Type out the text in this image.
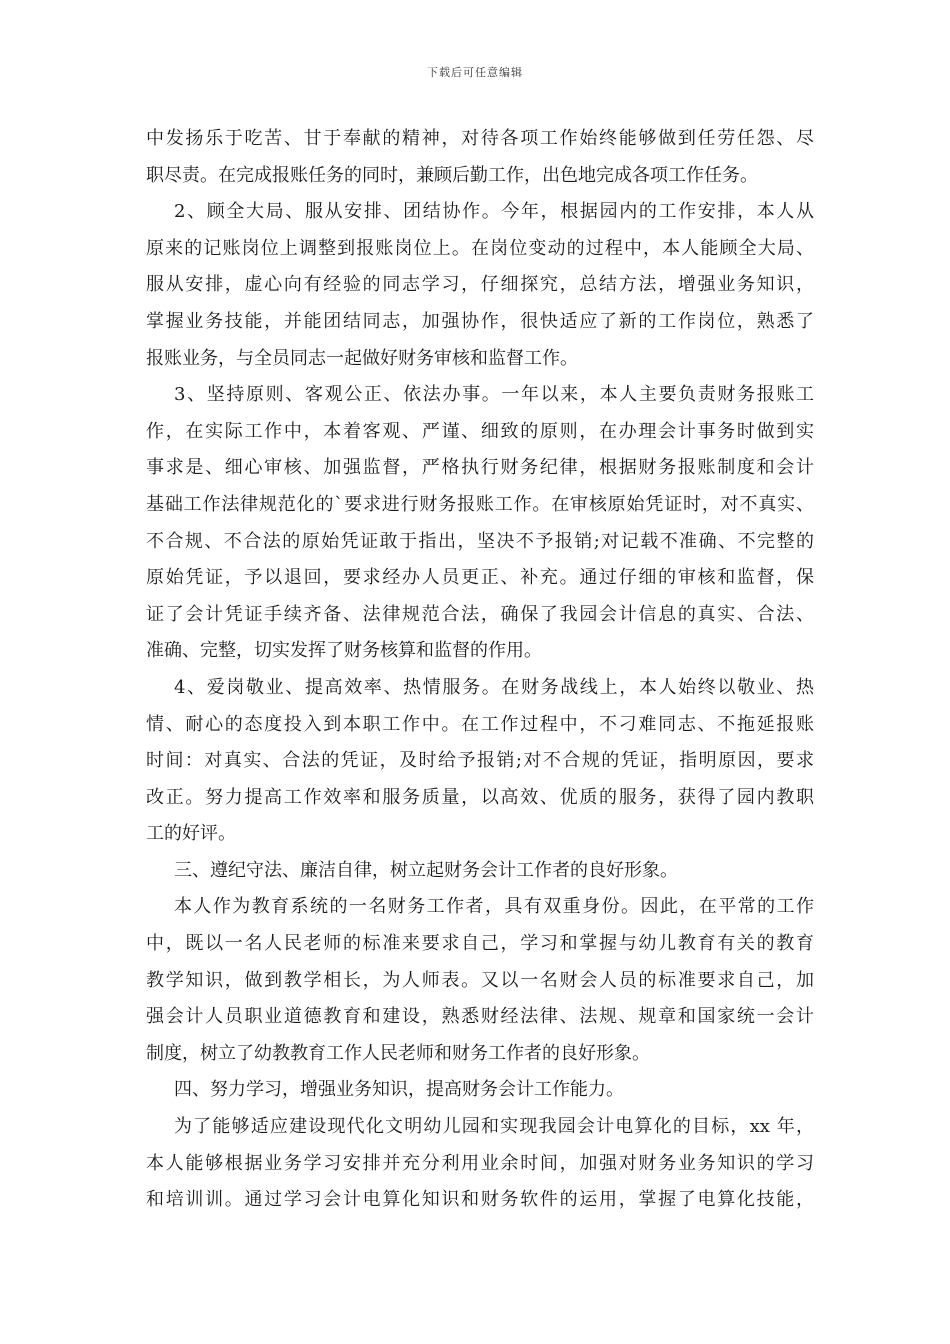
下载后可任意编辑
中发扬乐于吃苦、甘于奉献的精神，对待各项工作始终能够做到任劳任怨、尽
职尽责。在完成报账任务的同时，兼顾后勤工作，出色地完成各项工作任务。
2、顾全大局、服从安排、团结协作。今年，根据园内的工作安排，本人从
原来的记账岗位上调整到报账岗位上。在岗位变动的过程中，本人能顾全大局、
服从安排，虚心向有经验的同志学习，仔细探究，总结方法，增强业务知识，
掌握业务技能，并能团结同志，加强协作，很快适应了新的工作岗位，熟悉了
报账业务，与全员同志一起做好财务审核和监督工作。
3、坚持原则、客观公正、依法办事。一年以来，本人主要负责财务报账工
作，在实际工作中，本着客观、严谨、细致的原则，在办理会计事务时做到实
事求是、细心审核、加强监督，严格执行财务纪律，根据财务报账制度和会计
基础工作法律规范化的`要求进行财务报账工作。在审核原始凭证时，对不真实、
不合规、不合法的原始凭证敢于指出，坚决不予报销;对记载不准确、不完整的
原始凭证，予以退回，要求经办人员更正、补充。通过仔细的审核和监督，保
证了会计凭证手续齐备、法律规范合法，确保了我园会计信息的真实、合法、
准确、完整，切实发挥了财务核算和监督的作用。
4、爱岗敬业、提高效率、热情服务。在财务战线上，本人始终以敬业、热
情、耐心的态度投入到本职工作中。在工作过程中，不刁难同志、不拖延报账
时间：对真实、合法的凭证，及时给予报销;对不合规的凭证，指明原因，要求
改正。努力提高工作效率和服务质量，以高效、优质的服务，获得了园内教职
工的好评。
三、遵纪守法、廉洁自律，树立起财务会计工作者的良好形象。
本人作为教育系统的一名财务工作者，具有双重身份。因此，在平常的工作
中，既以一名人民老师的标准来要求自己，学习和掌握与幼儿教育有关的教育
教学知识，做到教学相长，为人师表。又以一名财会人员的标准要求自己，加
强会计人员职业道德教育和建设，熟悉财经法律、法规、规章和国家统一会计
制度，树立了幼教教育工作人民老师和财务工作者的良好形象。
四、努力学习，增强业务知识，提高财务会计工作能力。
为了能够适应建设现代化文明幼儿园和实现我园会计电算化的目标，xx 年，
本人能够根据业务学习安排并充分利用业余时间，加强对财务业务知识的学习
和培训训。通过学习会计电算化知识和财务软件的运用，掌握了电算化技能，
